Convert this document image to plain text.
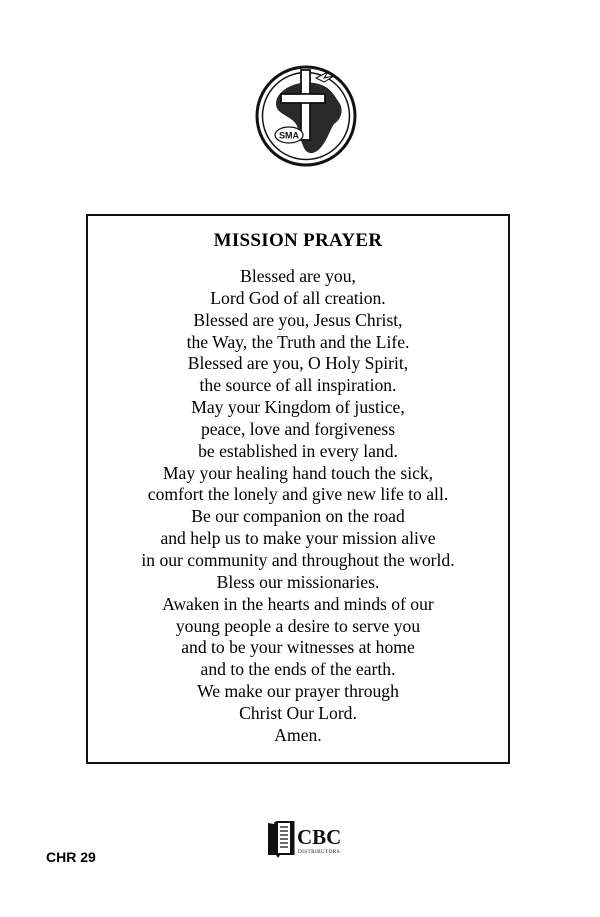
SMA
MISSION PRAYER
Blessed are you,
Lord God of all creation.
Blessed are you, Jesus Christ,
the Way, the Truth and the Life.
Blessed are you, O Holy Spirit,
the source of all inspiration.
May your Kingdom of justice,
peace, love and forgiveness
be established in every land.
May your healing hand touch the sick,
comfort the lonely and give new life to all.
Be our companion on the road
and help us to make your mission alive
in our community and throughout the world.
Bless our missionaries.
Awaken in the hearts and minds of our
young people a desire to serve you
and to be your witnesses at home
and to the ends of the earth.
We make our prayer through
Christ Our Lord.
Amen.
CBC
DISTRIBUTORS
CHR 29
